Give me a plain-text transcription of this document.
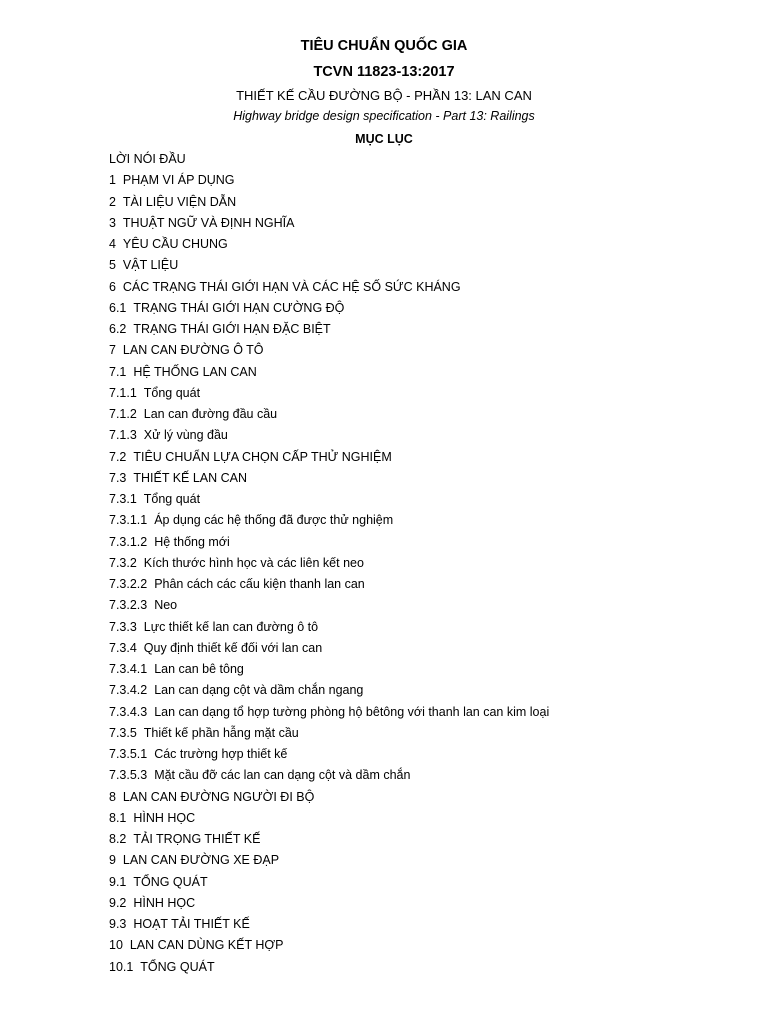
TIÊU CHUẨN QUỐC GIA
TCVN 11823-13:2017
THIẾT KẾ CẦU ĐƯỜNG BỘ - PHẦN 13: LAN CAN
Highway bridge design specification - Part 13: Railings
MỤC LỤC
LỜI NÓI ĐẦU
1 PHẠM VI ÁP DỤNG
2 TÀI LIỆU VIỆN DẪN
3 THUẬT NGỮ VÀ ĐỊNH NGHĨA
4 YÊU CẦU CHUNG
5 VẬT LIỆU
6 CÁC TRẠNG THÁI GIỚI HẠN VÀ CÁC HỆ SỐ SỨC KHÁNG
6.1 TRẠNG THÁI GIỚI HẠN CƯỜNG ĐỘ
6.2 TRẠNG THÁI GIỚI HẠN ĐẶC BIỆT
7 LAN CAN ĐƯỜNG Ô TÔ
7.1 HỆ THỐNG LAN CAN
7.1.1 Tổng quát
7.1.2 Lan can đường đầu cầu
7.1.3 Xử lý vùng đầu
7.2 TIÊU CHUẨN LỰA CHỌN CẤP THỬ NGHIỆM
7.3 THIẾT KẾ LAN CAN
7.3.1 Tổng quát
7.3.1.1 Áp dụng các hệ thống đã được thử nghiệm
7.3.1.2 Hệ thống mới
7.3.2 Kích thước hình học và các liên kết neo
7.3.2.2 Phân cách các cấu kiện thanh lan can
7.3.2.3 Neo
7.3.3 Lực thiết kế lan can đường ô tô
7.3.4 Quy định thiết kế đối với lan can
7.3.4.1 Lan can bê tông
7.3.4.2 Lan can dạng cột và dầm chắn ngang
7.3.4.3 Lan can dạng tổ hợp tường phòng hộ bêtông với thanh lan can kim loại
7.3.5 Thiết kế phần hẫng mặt cầu
7.3.5.1 Các trường hợp thiết kế
7.3.5.3 Mặt cầu đỡ các lan can dạng cột và dầm chắn
8 LAN CAN ĐƯỜNG NGƯỜI ĐI BỘ
8.1 HÌNH HỌC
8.2 TẢI TRỌNG THIẾT KẾ
9 LAN CAN ĐƯỜNG XE ĐẠP
9.1 TỔNG QUÁT
9.2 HÌNH HỌC
9.3 HOẠT TẢI THIẾT KẾ
10 LAN CAN DÙNG KẾT HỢP
10.1 TỔNG QUÁT
